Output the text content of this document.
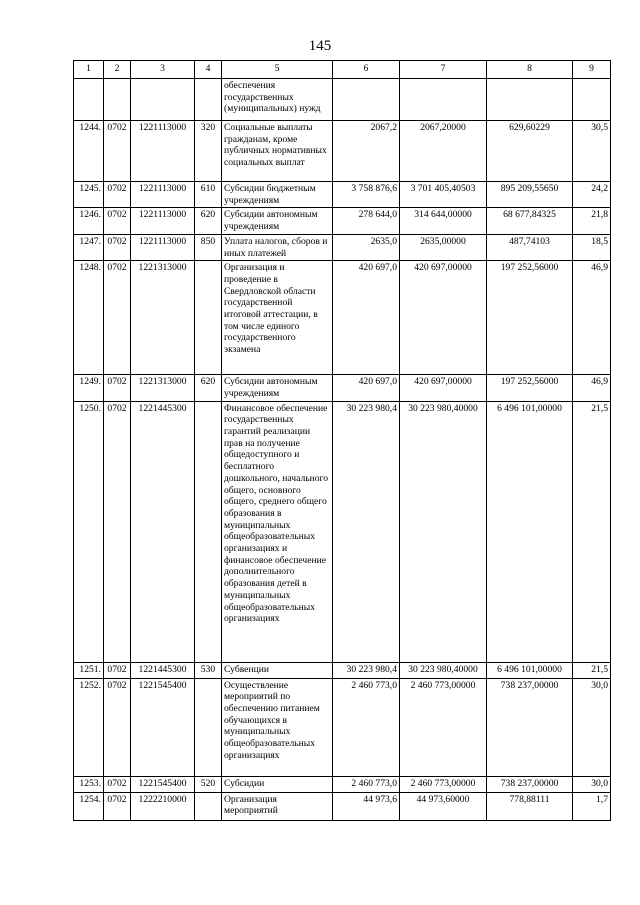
145
1	2	3	4	5	6	7	8	9
				обеспечения государственных (муниципальных) нужд				
1244.	0702	1221113000	320	Социальные выплаты гражданам, кроме публичных нормативных социальных выплат	2067,2	2067,20000	629,60229	30,5
1245.	0702	1221113000	610	Субсидии бюджетным учреждениям	3 758 876,6	3 701 405,40503	895 209,55650	24,2
1246.	0702	1221113000	620	Субсидии автономным учреждениям	278 644,0	314 644,00000	68 677,84325	21,8
1247.	0702	1221113000	850	Уплата налогов, сборов и иных платежей	2635,0	2635,00000	487,74103	18,5
1248.	0702	1221313000		Организация и проведение в Свердловской области государственной итоговой аттестации, в том числе единого государственного экзамена	420 697,0	420 697,00000	197 252,56000	46,9
1249.	0702	1221313000	620	Субсидии автономным учреждениям	420 697,0	420 697,00000	197 252,56000	46,9
1250.	0702	1221445300		Финансовое обеспечение государственных гарантий реализации прав на получение общедоступного и бесплатного дошкольного, начального общего, основного общего, среднего общего образования в муниципальных общеобразовательных организациях и финансовое обеспечение дополнительного образования детей в муниципальных общеобразовательных организациях	30 223 980,4	30 223 980,40000	6 496 101,00000	21,5
1251.	0702	1221445300	530	Субвенции	30 223 980,4	30 223 980,40000	6 496 101,00000	21,5
1252.	0702	1221545400		Осуществление мероприятий по обеспечению питанием обучающихся в муниципальных общеобразовательных организациях	2 460 773,0	2 460 773,00000	738 237,00000	30,0
1253.	0702	1221545400	520	Субсидии	2 460 773,0	2 460 773,00000	738 237,00000	30,0
1254.	0702	1222210000		Организация мероприятий	44 973,6	44 973,60000	778,88111	1,7
